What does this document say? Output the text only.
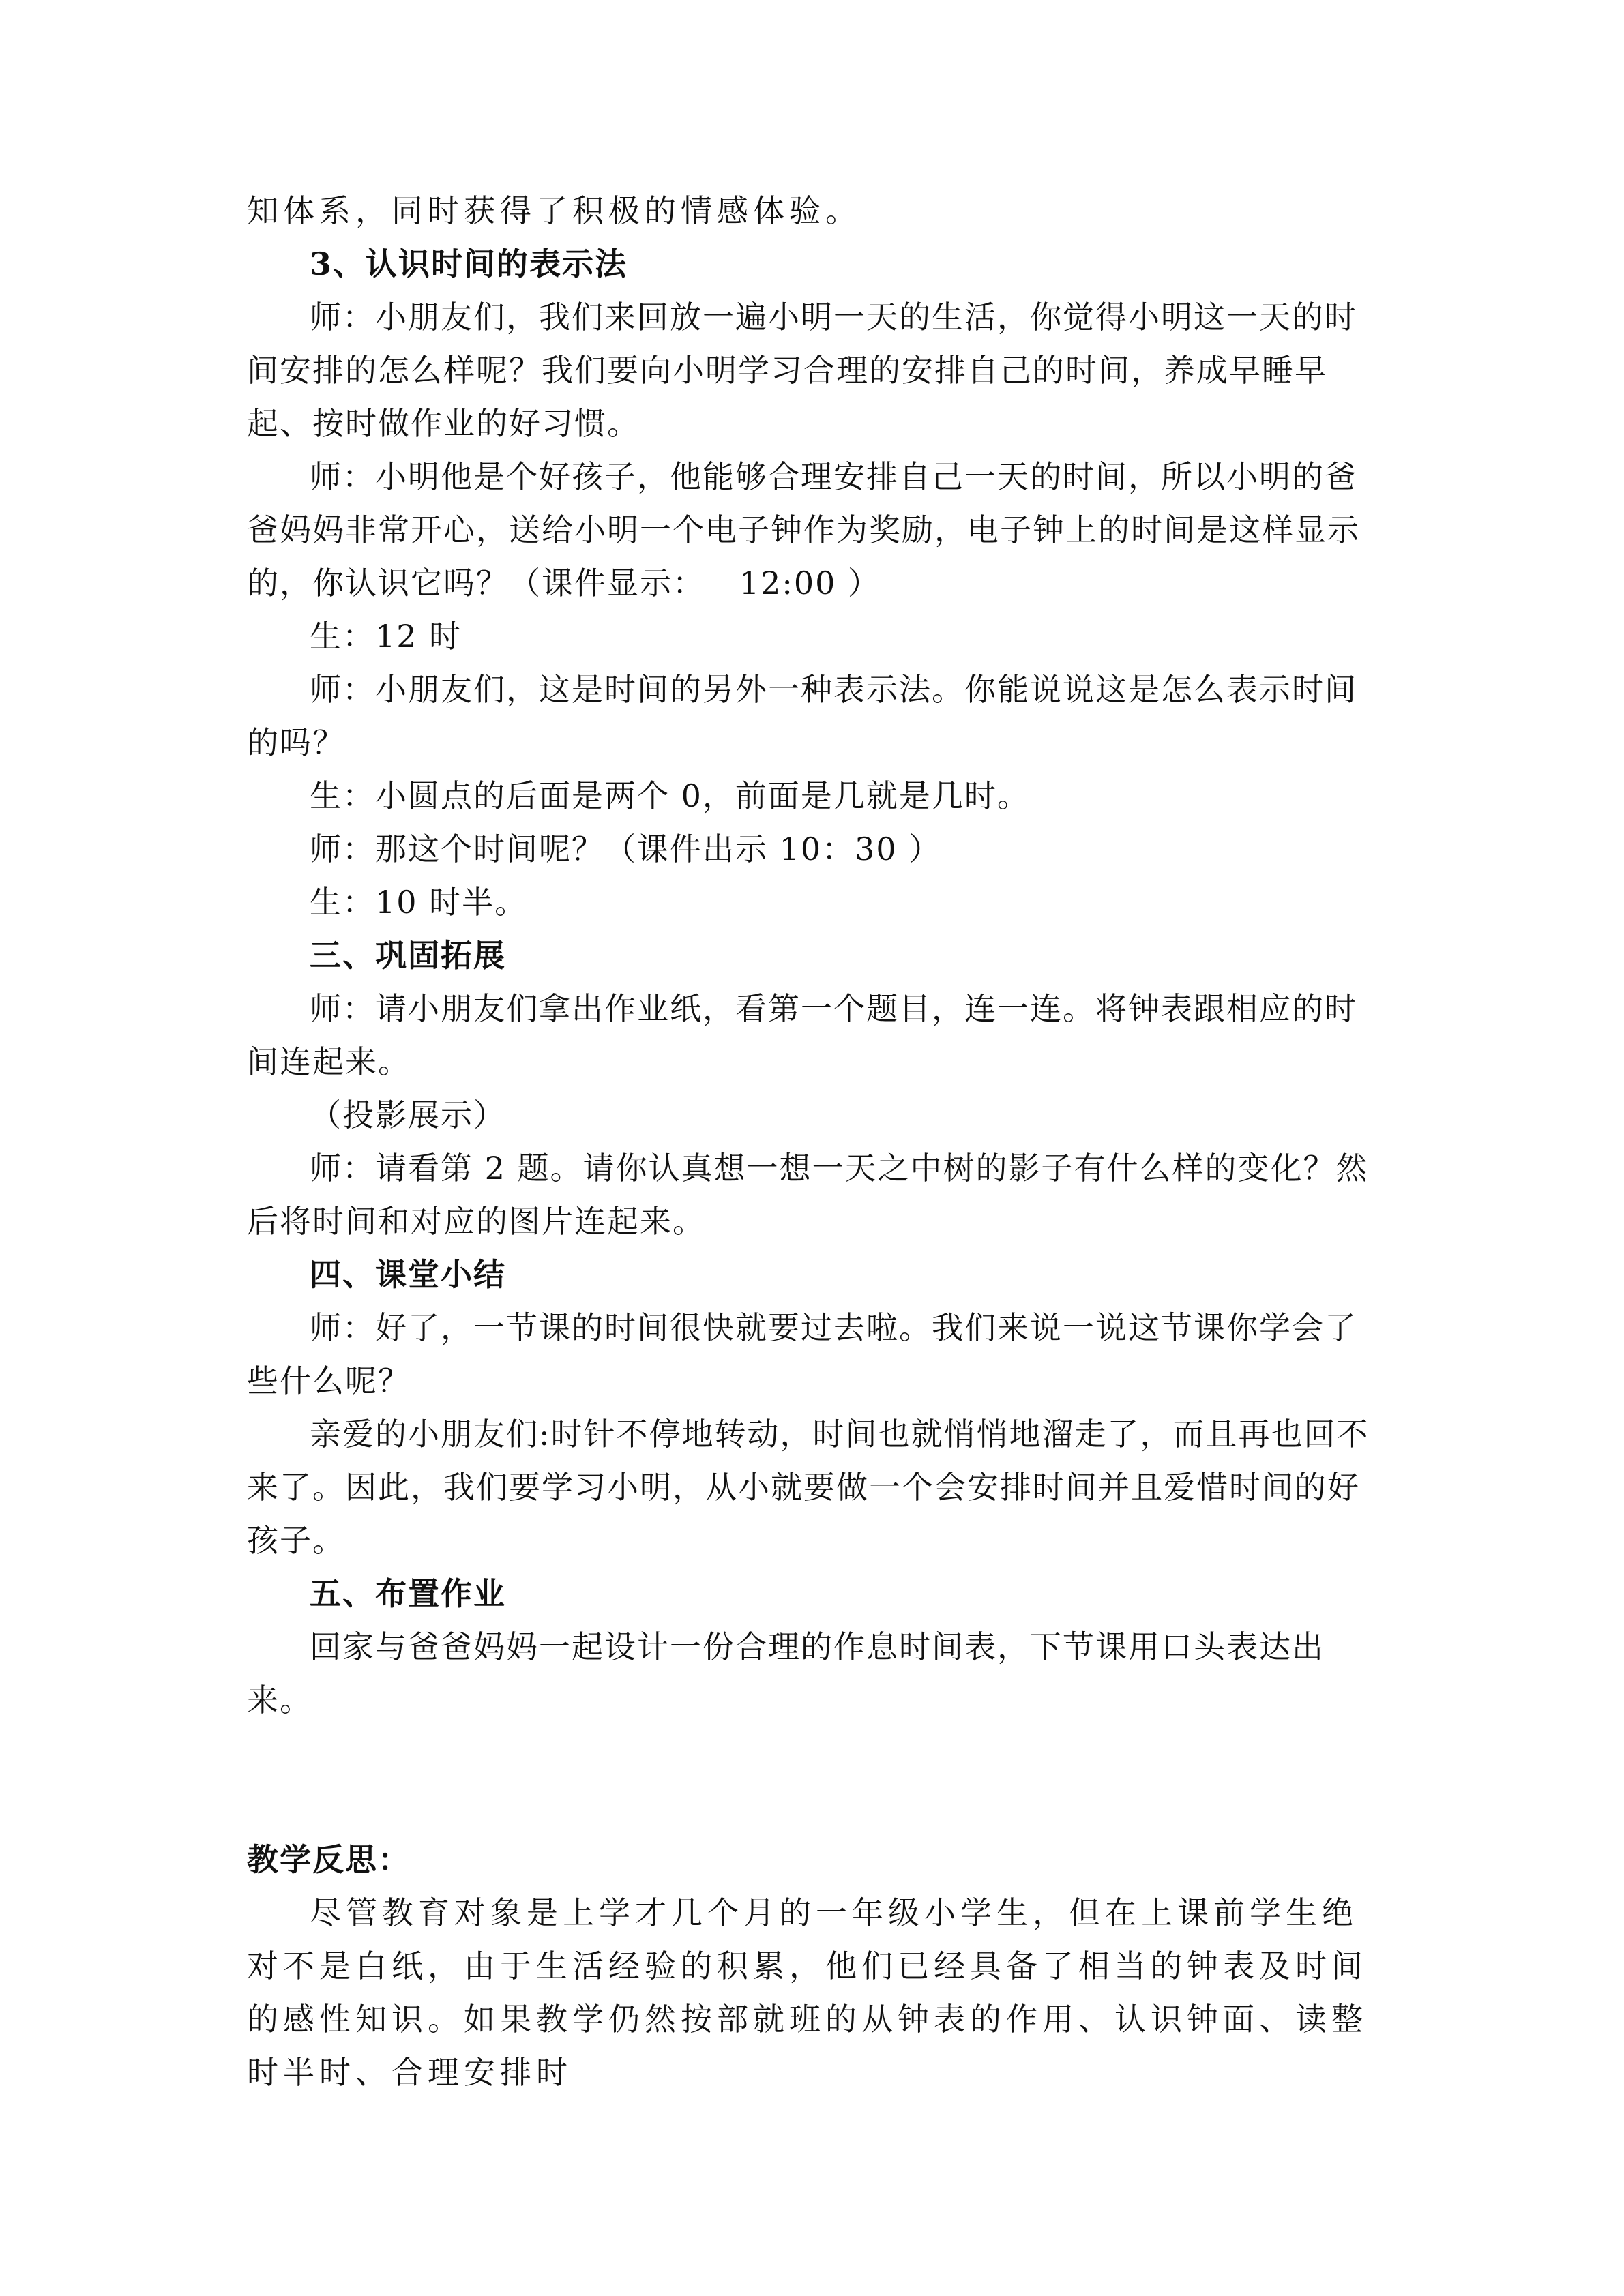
知体系，同时获得了积极的情感体验。

3、认识时间的表示法

师：小朋友们，我们来回放一遍小明一天的生活，你觉得小明这一天的时间安排的怎么样呢？我们要向小明学习合理的安排自己的时间，养成早睡早起、按时做作业的好习惯。

师：小明他是个好孩子，他能够合理安排自己一天的时间，所以小明的爸爸妈妈非常开心，送给小明一个电子钟作为奖励，电子钟上的时间是这样显示的，你认识它吗？（课件显示：   12:00 ）

生：12 时

师：小朋友们，这是时间的另外一种表示法。你能说说这是怎么表示时间的吗？

生：小圆点的后面是两个 0，前面是几就是几时。

师：那这个时间呢？（课件出示 10：30 ）

生：10 时半。

三、巩固拓展

师：请小朋友们拿出作业纸，看第一个题目，连一连。将钟表跟相应的时间连起来。

（投影展示）

师：请看第 2 题。请你认真想一想一天之中树的影子有什么样的变化？然后将时间和对应的图片连起来。

四、课堂小结

师：好了，一节课的时间很快就要过去啦。我们来说一说这节课你学会了些什么呢？

亲爱的小朋友们:时针不停地转动，时间也就悄悄地溜走了，而且再也回不来了。因此，我们要学习小明，从小就要做一个会安排时间并且爱惜时间的好孩子。

五、布置作业

回家与爸爸妈妈一起设计一份合理的作息时间表，下节课用口头表达出来。

教学反思：

尽管教育对象是上学才几个月的一年级小学生，但在上课前学生绝对不是白纸，由于生活经验的积累，他们已经具备了相当的钟表及时间的感性知识。如果教学仍然按部就班的从钟表的作用、认识钟面、读整时半时、合理安排时
